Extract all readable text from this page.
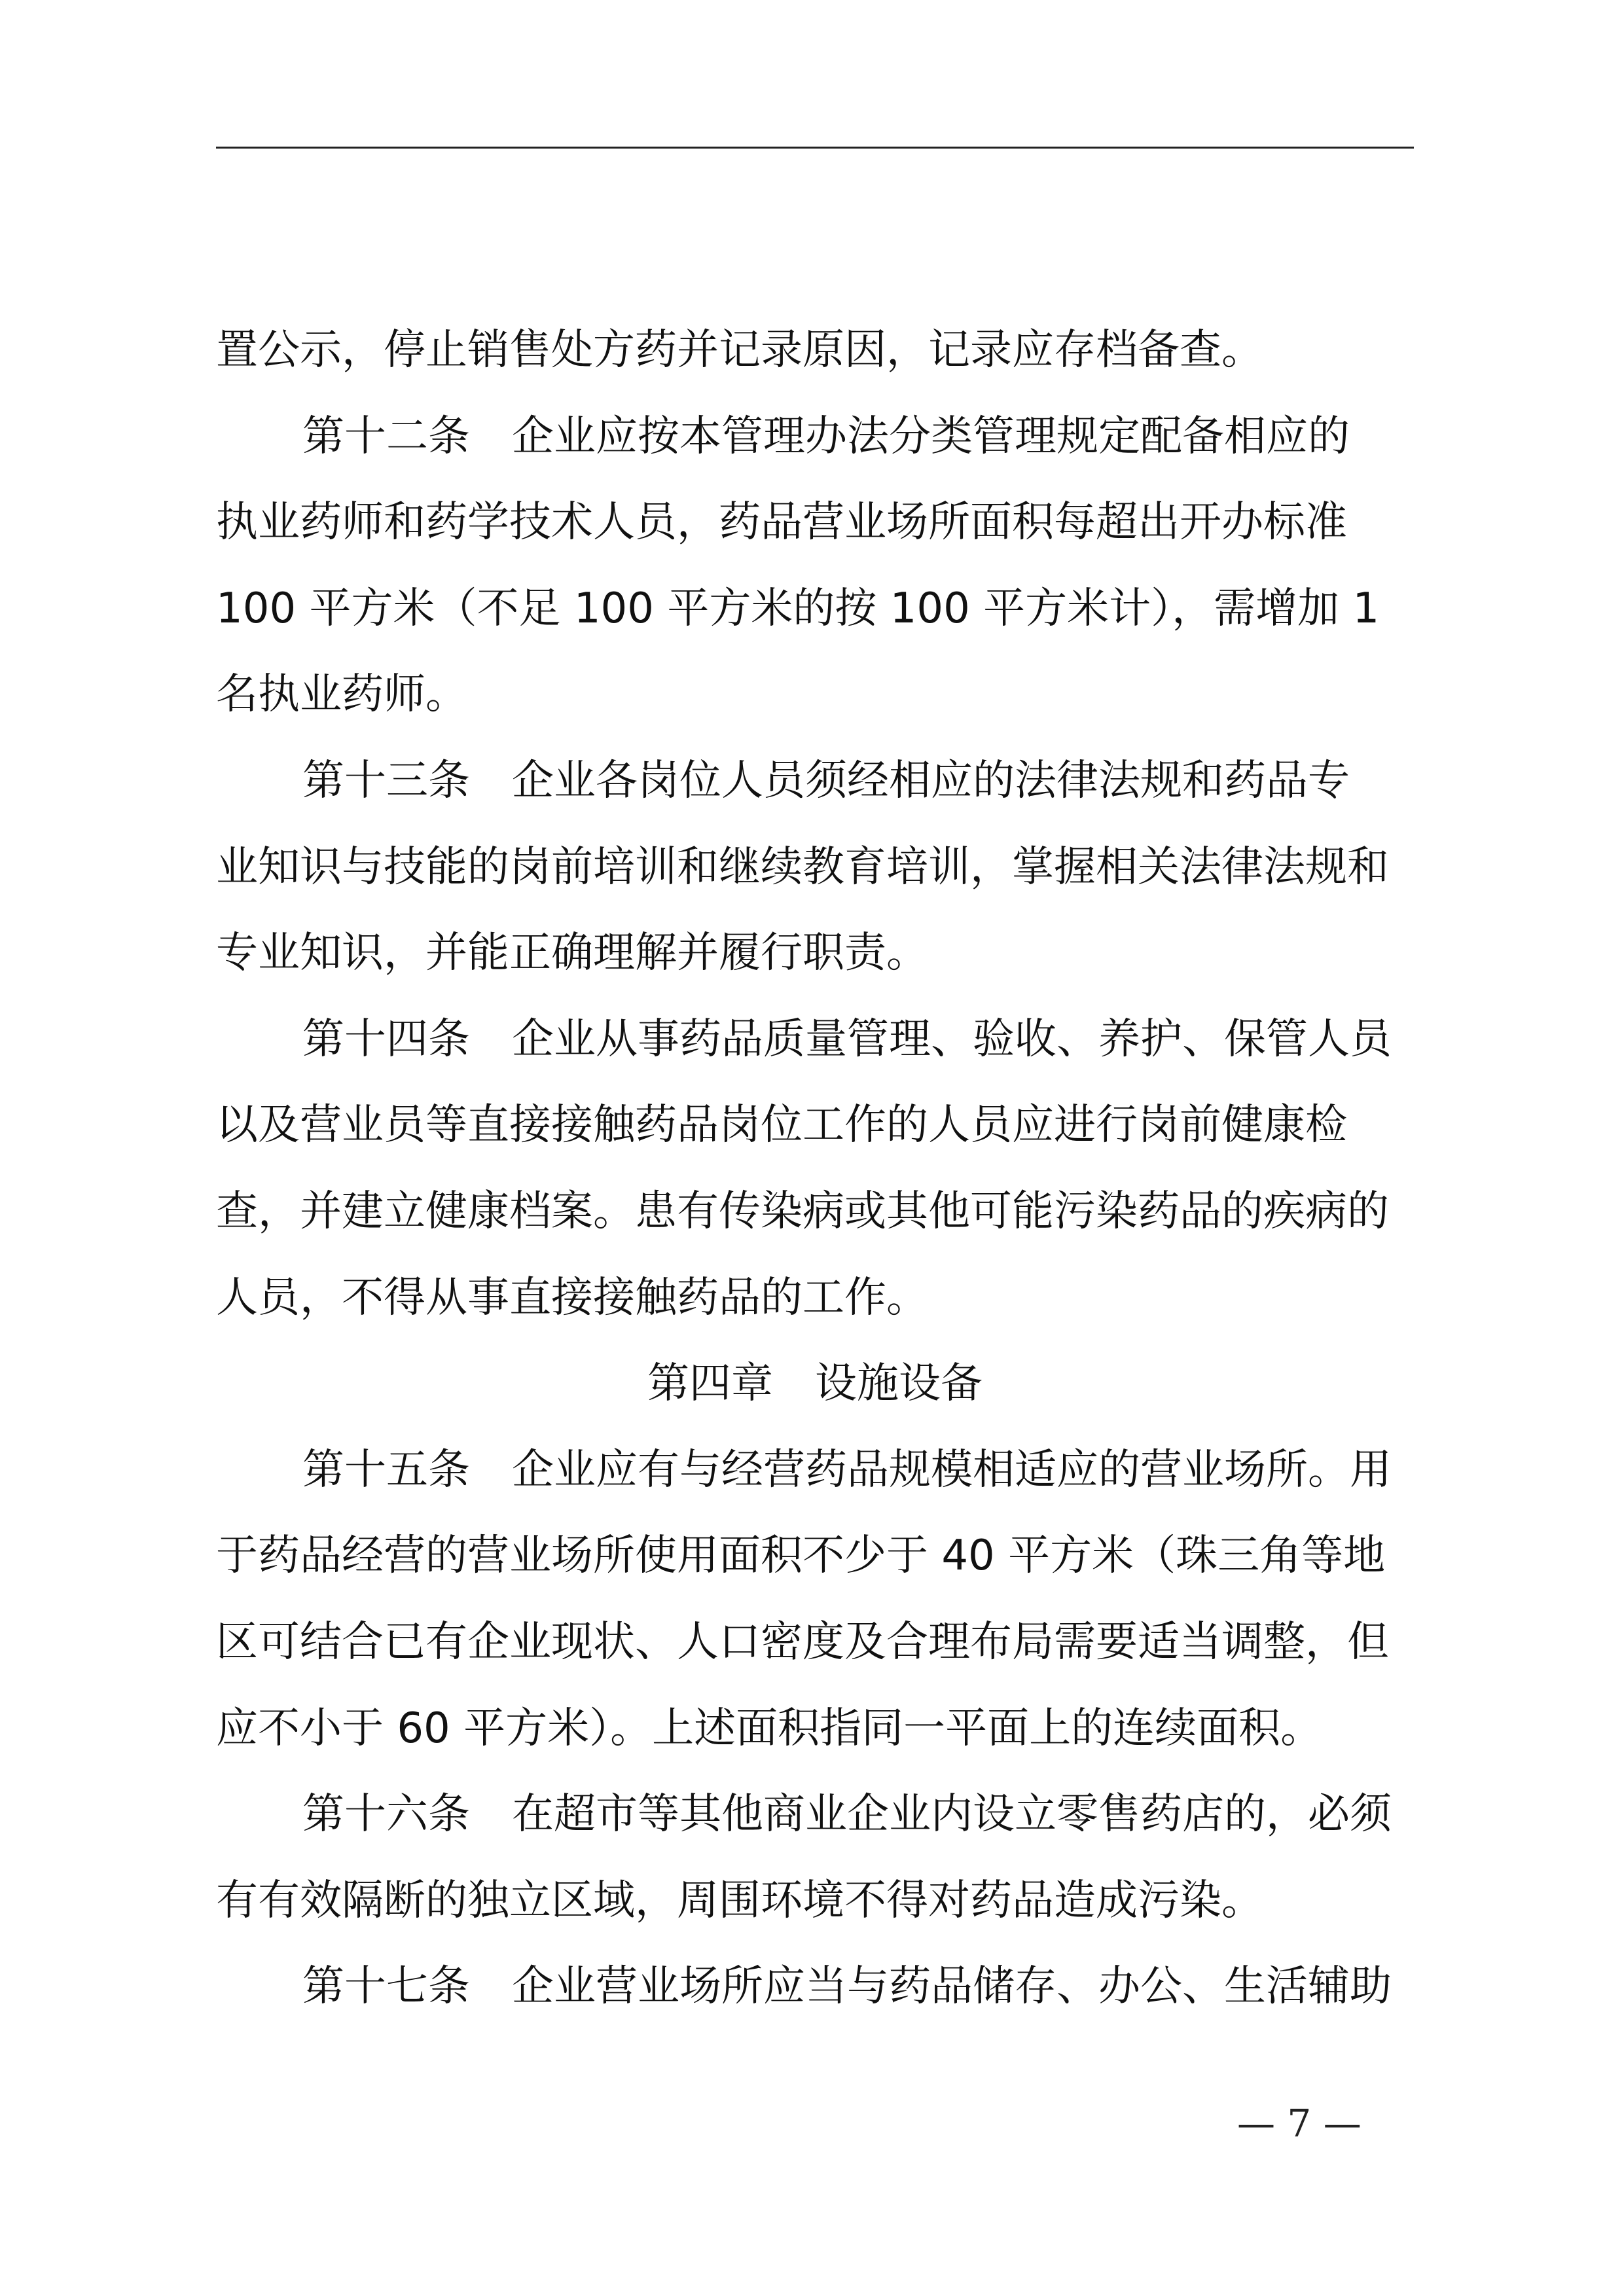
置公示，停止销售处方药并记录原因，记录应存档备查。
第十二条　企业应按本管理办法分类管理规定配备相应的
执业药师和药学技术人员，药品营业场所面积每超出开办标准
100 平方米（不足 100 平方米的按 100 平方米计），需增加 1
名执业药师。
第十三条　企业各岗位人员须经相应的法律法规和药品专
业知识与技能的岗前培训和继续教育培训，掌握相关法律法规和
专业知识，并能正确理解并履行职责。
第十四条　企业从事药品质量管理、验收、养护、保管人员
以及营业员等直接接触药品岗位工作的人员应进行岗前健康检
查，并建立健康档案。患有传染病或其他可能污染药品的疾病的
人员，不得从事直接接触药品的工作。
第四章　设施设备
第十五条　企业应有与经营药品规模相适应的营业场所。用
于药品经营的营业场所使用面积不少于 40 平方米（珠三角等地
区可结合已有企业现状、人口密度及合理布局需要适当调整，但
应不小于 60 平方米）。上述面积指同一平面上的连续面积。
第十六条　在超市等其他商业企业内设立零售药店的，必须
有有效隔断的独立区域，周围环境不得对药品造成污染。
第十七条　企业营业场所应当与药品储存、办公、生活辅助
— 7 —
